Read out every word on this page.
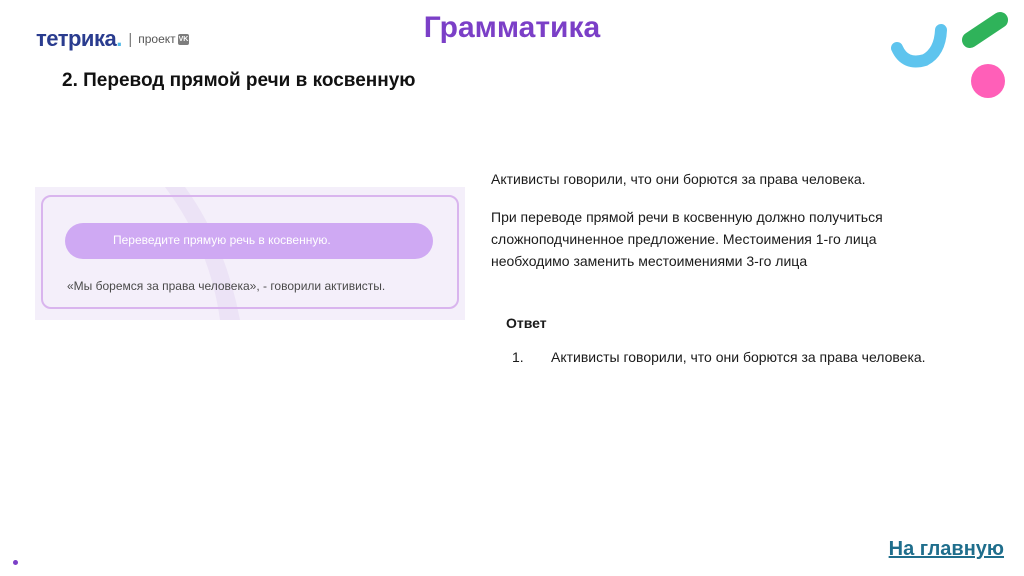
тетрика . | проект VK	Грамматика
2. Перевод прямой речи в косвенную
Переведите прямую речь в косвенную.
«Мы боремся за права человека», - говорили активисты.
Активисты говорили, что они борются за права человека.
При переводе прямой речи в косвенную должно получиться сложноподчиненное предложение. Местоимения 1-го лица необходимо заменить местоимениями 3-го лица
Ответ
1. Активисты говорили, что они борются за права человека.
На главную
